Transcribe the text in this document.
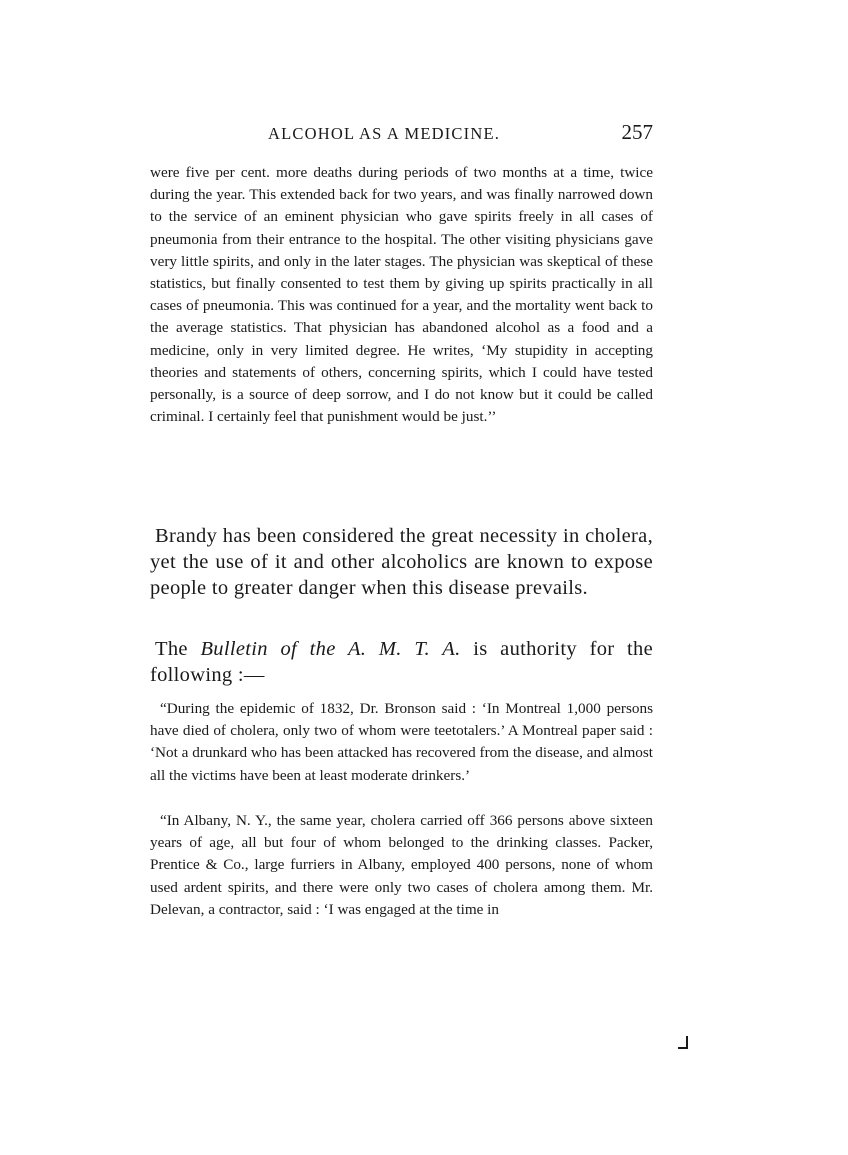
ALCOHOL AS A MEDICINE.	257

were five per cent. more deaths during periods of two months at a time, twice during the year. This extended back for two years, and was finally narrowed down to the service of an eminent physician who gave spirits freely in all cases of pneumonia from their entrance to the hospital. The other visiting physicians gave very little spirits, and only in the later stages. The physician was skeptical of these statistics, but finally consented to test them by giving up spirits practically in all cases of pneumonia. This was continued for a year, and the mortality went back to the average statistics. That physician has abandoned alcohol as a food and a medicine, only in very limited degree. He writes, ‘My stupidity in accepting theories and statements of others, concerning spirits, which I could have tested personally, is a source of deep sorrow, and I do not know but it could be called criminal. I certainly feel that punishment would be just.’’

Brandy has been considered the great necessity in cholera, yet the use of it and other alcoholics are known to expose people to greater danger when this disease prevails.

The Bulletin of the A. M. T. A. is authority for the following :—

“During the epidemic of 1832, Dr. Bronson said : ‘In Montreal 1,000 persons have died of cholera, only two of whom were teetotalers.’ A Montreal paper said : ‘Not a drunkard who has been attacked has recovered from the disease, and almost all the victims have been at least moderate drinkers.’

“In Albany, N. Y., the same year, cholera carried off 366 persons above sixteen years of age, all but four of whom belonged to the drinking classes. Packer, Prentice & Co., large furriers in Albany, employed 400 persons, none of whom used ardent spirits, and there were only two cases of cholera among them. Mr. Delevan, a contractor, said : ‘I was engaged at the time in
